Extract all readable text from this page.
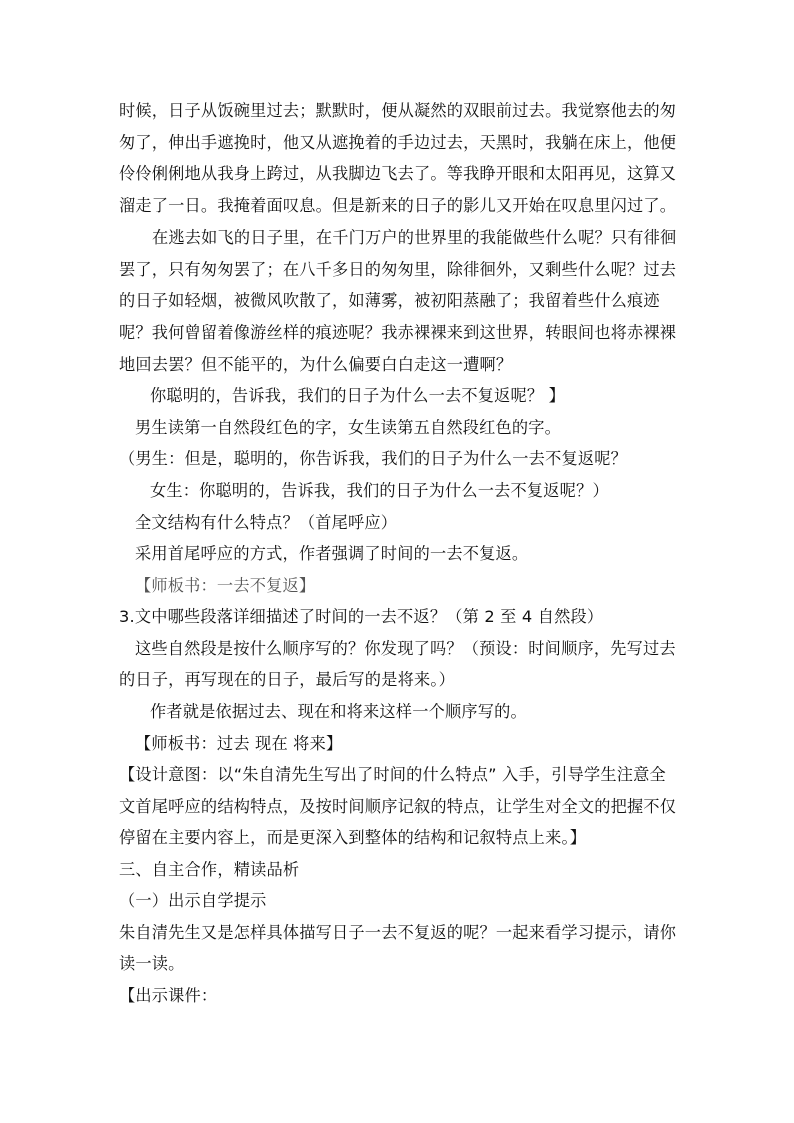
时候，日子从饭碗里过去；默默时，便从凝然的双眼前过去。我觉察他去的匆
匆了，伸出手遮挽时，他又从遮挽着的手边过去，天黑时，我躺在床上，他便
伶伶俐俐地从我身上跨过，从我脚边飞去了。等我睁开眼和太阳再见，这算又
溜走了一日。我掩着面叹息。但是新来的日子的影儿又开始在叹息里闪过了。
在逃去如飞的日子里，在千门万户的世界里的我能做些什么呢？只有徘徊
罢了，只有匆匆罢了；在八千多日的匆匆里，除徘徊外，又剩些什么呢？过去
的日子如轻烟，被微风吹散了，如薄雾，被初阳蒸融了；我留着些什么痕迹
呢？我何曾留着像游丝样的痕迹呢？我赤裸裸来到这世界，转眼间也将赤裸裸
地回去罢？但不能平的，为什么偏要白白走这一遭啊？
你聪明的，告诉我，我们的日子为什么一去不复返呢？ 】
男生读第一自然段红色的字，女生读第五自然段红色的字。
（男生：但是，聪明的，你告诉我，我们的日子为什么一去不复返呢？
女生：你聪明的，告诉我，我们的日子为什么一去不复返呢？）
全文结构有什么特点？（首尾呼应）
采用首尾呼应的方式，作者强调了时间的一去不复返。
【师板书：一去不复返】
3.文中哪些段落详细描述了时间的一去不返？（第 2 至 4 自然段）
这些自然段是按什么顺序写的？你发现了吗？（预设：时间顺序，先写过去
的日子，再写现在的日子，最后写的是将来。）
作者就是依据过去、现在和将来这样一个顺序写的。
【师板书：过去 现在 将来】
【设计意图：以“朱自清先生写出了时间的什么特点” 入手，引导学生注意全
文首尾呼应的结构特点，及按时间顺序记叙的特点，让学生对全文的把握不仅
停留在主要内容上，而是更深入到整体的结构和记叙特点上来。】
三、自主合作，精读品析
（一）出示自学提示
朱自清先生又是怎样具体描写日子一去不复返的呢？一起来看学习提示，请你
读一读。
【出示课件：
